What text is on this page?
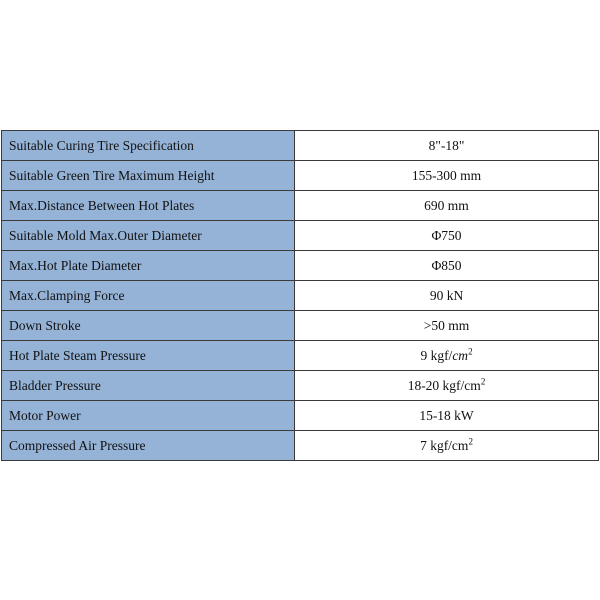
Suitable Curing Tire Specification	8"-18"
Suitable Green Tire Maximum Height	155-300 mm
Max.Distance Between Hot Plates	690 mm
Suitable Mold Max.Outer Diameter	Φ750
Max.Hot Plate Diameter	Φ850
Max.Clamping Force	90 kN
Down Stroke	>50 mm
Hot Plate Steam Pressure	9 kgf/$cm^2$
Bladder Pressure	18-20 kgf/$cm^2$
Motor Power	15-18 kW
Compressed Air Pressure	7 kgf/$cm^2$
